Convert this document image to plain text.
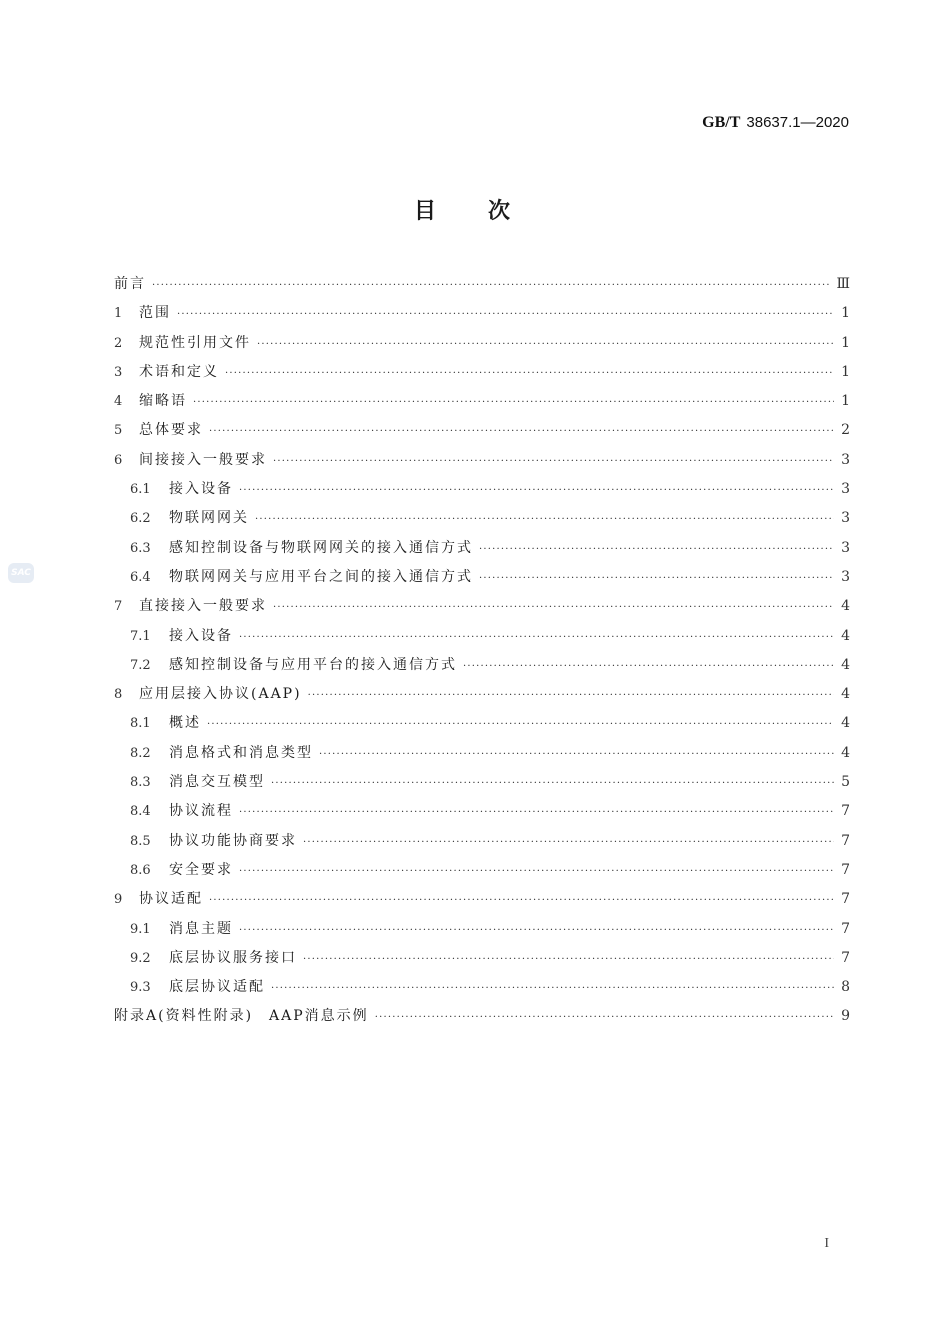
GB/T 38637.1—2020
目次
SAC
前言 ·····	Ⅲ
1	范围 ·····	1
2	规范性引用文件 ·····	1
3	术语和定义 ·····	1
4	缩略语 ·····	1
5	总体要求 ·····	2
6	间接接入一般要求 ·····	3
6.1	接入设备 ·····	3
6.2	物联网网关 ·····	3
6.3	感知控制设备与物联网网关的接入通信方式 ·····	3
6.4	物联网网关与应用平台之间的接入通信方式 ·····	3
7	直接接入一般要求 ·····	4
7.1	接入设备 ·····	4
7.2	感知控制设备与应用平台的接入通信方式 ·····	4
8	应用层接入协议(AAP) ·····	4
8.1	概述 ·····	4
8.2	消息格式和消息类型 ·····	4
8.3	消息交互模型 ·····	5
8.4	协议流程 ·····	7
8.5	协议功能协商要求 ·····	7
8.6	安全要求 ·····	7
9	协议适配 ·····	7
9.1	消息主题 ·····	7
9.2	底层协议服务接口 ·····	7
9.3	底层协议适配 ·····	8
附录A(资料性附录)　AAP消息示例 ·····	9
I
